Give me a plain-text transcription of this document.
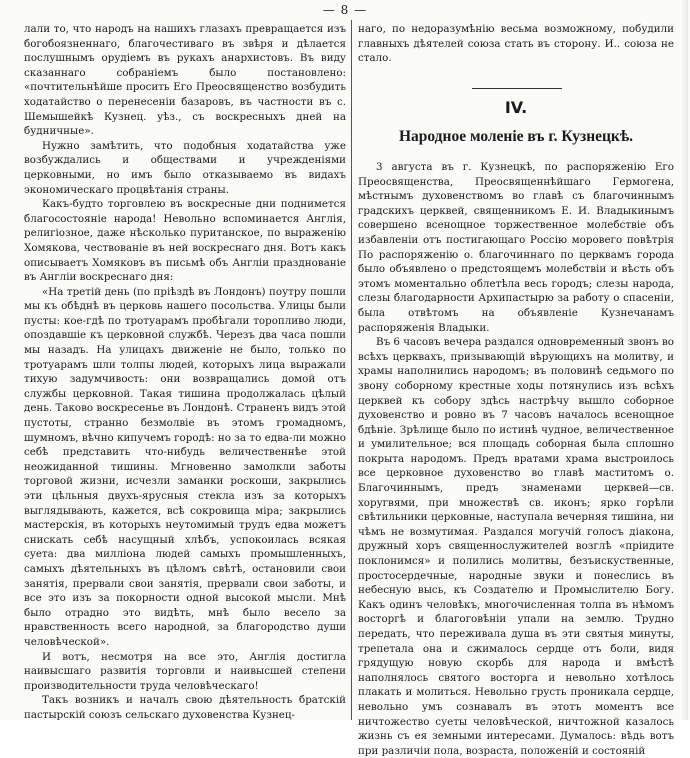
— 8 —

лали то, что народъ на нашихъ глазахъ превращается изъ богобоязненнаго, благочестиваго въ звѣря и дѣлается послушнымъ орудіемъ въ рукахъ анархистовъ. Въ виду сказаннаго собраніемъ было постановлено: «почтительнѣйше просить Его Преосвященство возбудить ходатайство о перенесеніи базаровъ, въ частности въ с. Шемышейкѣ Кузнец. уѣз., съ воскресныхъ дней на будничные».

Нужно замѣтить, что подобныя ходатайства уже возбуждались и обществами и учрежденіями церковными, но имъ было отказываемо въ видахъ экономическаго процвѣтанія страны.

Какъ-будто торговлею въ воскресные дни поднимется благосостояніе народа! Невольно вспоминается Англія, религіозное, даже нѣсколько пуританское, по выраженію Хомякова, чествованіе въ ней воскреснаго дня. Вотъ какъ описываетъ Хомяковъ въ письмѣ объ Англіи празднованіе въ Англіи воскреснаго дня:

«На третій день (по пріѣздѣ въ Лондонъ) поутру пошли мы къ обѣднѣ въ церковь нашего посольства. Улицы были пусты: кое-гдѣ по тротуарамъ пробѣгали торопливо люди, опоздавшіе къ церковной службѣ. Черезъ два часа пошли мы назадъ. На улицахъ движеніе не было, только по тротуарамъ шли толпы людей, которыхъ лица выражали тихую задумчивость: они возвращались домой отъ службы церковной. Такая тишина продолжалась цѣлый день. Таково воскресенье въ Лондонѣ. Страненъ видъ этой пустоты, странно безмолвіе въ этомъ громадномъ, шумномъ, вѣчно кипучемъ городѣ: но за то едва-ли можно себѣ представить что-нибудь величественнѣе этой неожиданной тишины. Мгновенно замолкли заботы торговой жизни, исчезли заманки роскоши, закрылись эти цѣльныя двухъ-ярусныя стекла изъ за которыхъ выглядывають, кажется, всѣ сокровища міра; закрылись мастерскія, въ которыхъ неутомимый трудъ едва можетъ снискать себѣ насущный хлѣбъ, успокоилась всякая суета: два милліона людей самыхъ промышленныхъ, самыхъ дѣятельныхъ въ цѣломъ свѣтѣ, остановили свои занятія, прервали свои занятія, прервали свои заботы, и все это изъ за покорности одной высокой мысли. Мнѣ было отрадно это видѣть, мнѣ было весело за нравственность всего народной, за благородство души человѣческой».

И вотъ, несмотря на все это, Англія достигла наивысшаго развитія торговли и наивысшей степени производительности труда человѣческаго!

Такъ возникъ и началъ свою дѣятельность братскій пастырскій союзъ сельскаго духовенства Кузнец-

наго, по недоразумѣнію весьма возможному, побудили главныхъ дѣятелей союза стать въ сторону. И.. союза не стало.

IV.
Народное моленіе въ г. Кузнецкѣ.

3 августа въ г. Кузнецкѣ, по распоряженію Его Преосвященства, Преосвященнѣйшаго Гермогена, мѣстнымъ духовенствомъ во главѣ съ благочиннымъ градскихъ церквей, священникомъ Е. И. Владыкинымъ совершено всенощное торжественное молебствіе объ избавленіи отъ постигающаго Россію моровего повѣтрія По распоряженію о. благочиннаго по церквамъ города было объявлено о предстоящемъ молебствіи и вѣсть объ этомъ моментально облетѣла весь городъ; слезы народа, слезы благодарности Архипастырю за работу о спасеніи, была отвѣтомъ на объявленіе Кузнечанамъ распоряженія Владыки.

Въ 6 часовъ вечера раздался одновременный звонъ во всѣхъ церквахъ, призывающій вѣрующихъ на молитву, и храмы наполнились народомъ; въ половинѣ седьмого по звону соборному крестные ходы потянулись изъ всѣхъ церквей къ собору здѣсь настрѣчу вышло соборное духовенство и ровно въ 7 часовъ началось всенощное бдѣніе. Зрѣлище было по истинѣ чудное, величественное и умилительное; вся площадь соборная была сплошно покрыта народомъ. Предъ вратами храма выстроилось все церковное духовенство во главѣ маститомъ о. Благочиннымъ, предъ знаменами церквей—св. хоругвями, при множествѣ св. иконъ; ярко горѣли свѣтильники церковные, наступала вечерняя тишина, ни чѣмъ не возмутимая. Раздался могучій голосъ діакона, дружный хоръ священнослужителей возглѣ «пріидите поклонимся» и полились молитвы, безъискуственные, простосердечные, народные звуки и понеслись въ небесную высь, къ Создателю и Промыслителю Богу. Какъ одинъ человѣкъ, многочисленная толпа въ нѣмомъ восторгѣ и благоговѣніи упали на землю. Трудно передать, что переживала душа въ эти святыя минуты, трепетала она и сжималось сердце отъ боли, видя грядущую новую скорбь для народа и вмѣстѣ наполнялось святого восторга и невольно хотѣлось плакать и молиться. Невольно грусть проникала сердце, невольно умъ сознавалъ въ этотъ моментъ все ничтожество суеты человѣческой, ничтожной казалось жизнь съ ея земными интересами. Думалось: вѣдь вотъ при различіи пола, возраста, положеній и состояній
